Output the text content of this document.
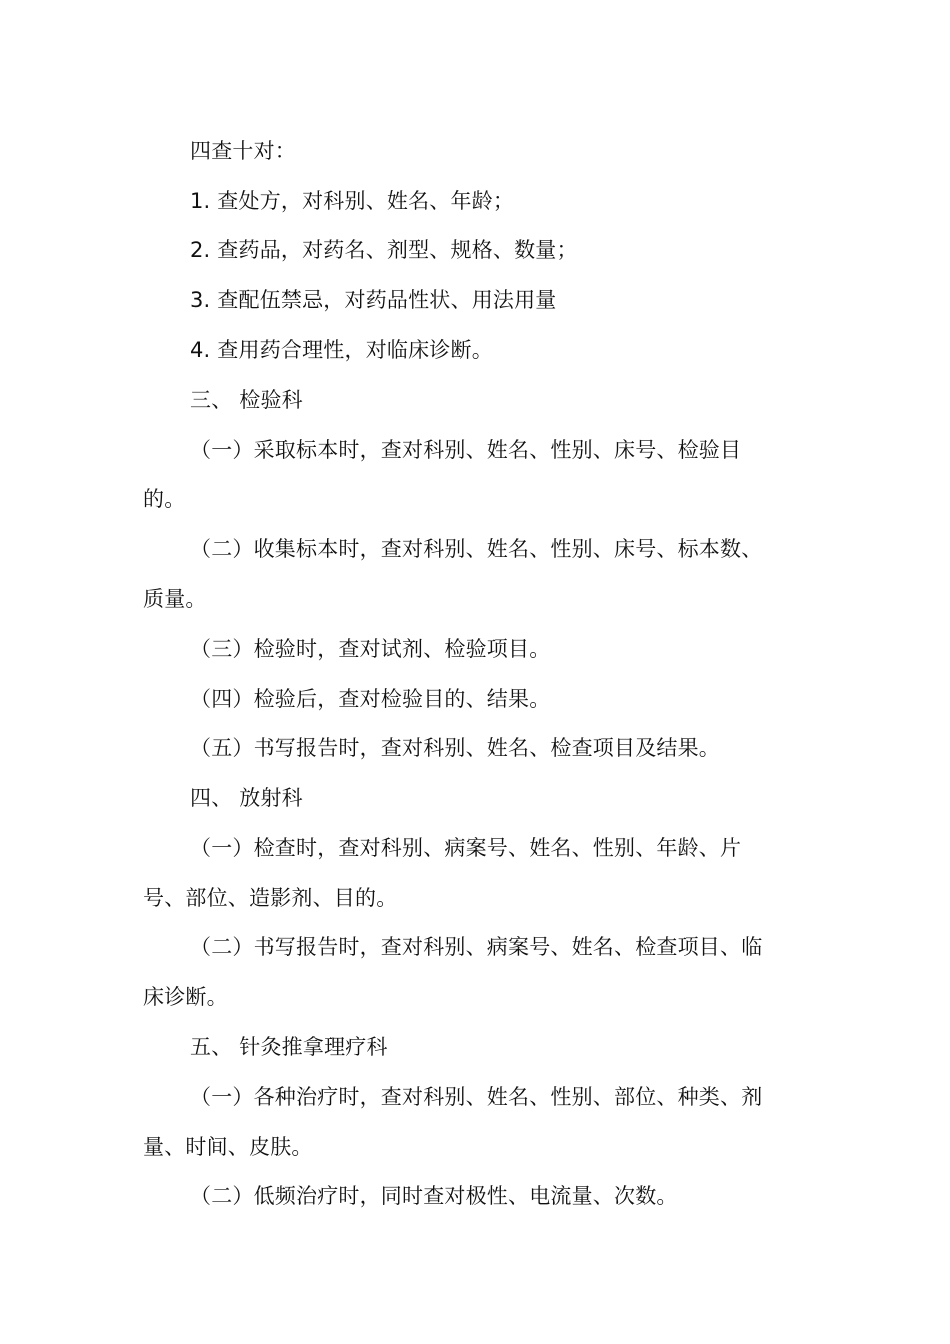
四查十对：
1. 查处方，对科别、姓名、年龄；
2. 查药品，对药名、剂型、规格、数量；
3. 查配伍禁忌，对药品性状、用法用量
4. 查用药合理性，对临床诊断。
三、 检验科
（一）采取标本时，查对科别、姓名、性别、床号、检验目
的。
（二）收集标本时，查对科别、姓名、性别、床号、标本数、
质量。
（三）检验时，查对试剂、检验项目。
（四）检验后，查对检验目的、结果。
（五）书写报告时，查对科别、姓名、检查项目及结果。
四、 放射科
（一）检查时，查对科别、病案号、姓名、性别、年龄、片
号、部位、造影剂、目的。
（二）书写报告时，查对科别、病案号、姓名、检查项目、临
床诊断。
五、 针灸推拿理疗科
（一）各种治疗时，查对科别、姓名、性别、部位、种类、剂
量、时间、皮肤。
（二）低频治疗时，同时查对极性、电流量、次数。
